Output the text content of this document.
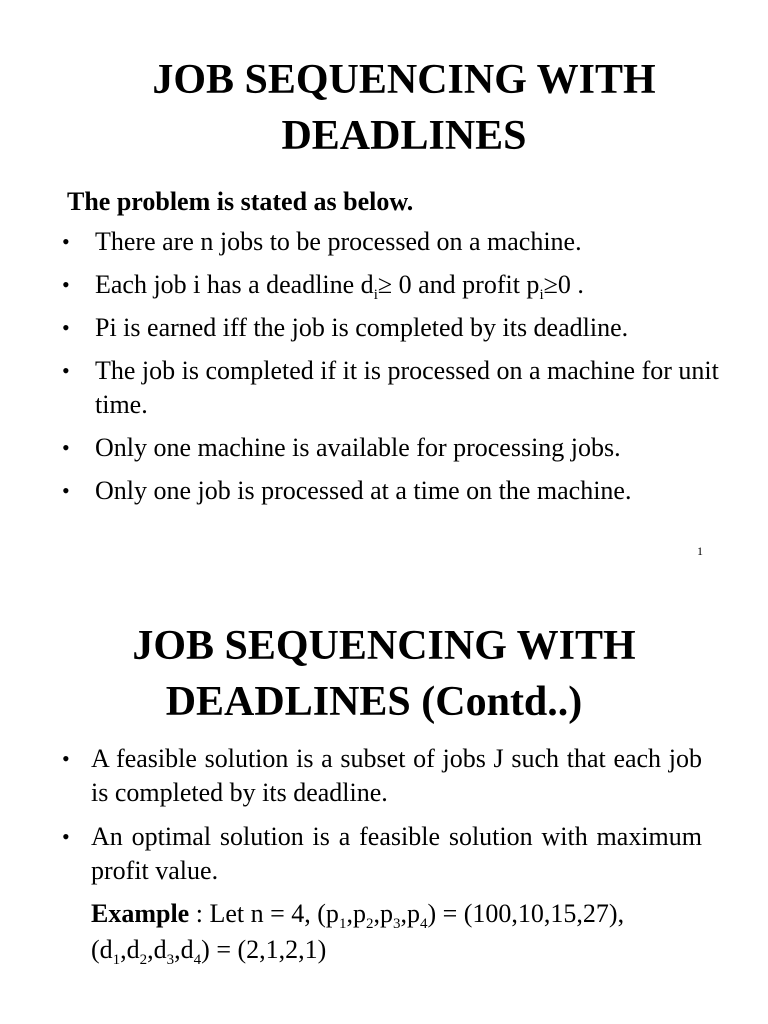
JOB SEQUENCING WITH
DEADLINES

The problem is stated as below.

• There are n jobs to be processed on a machine.
• Each job i has a deadline $d_i\ge 0$ and profit $p_i\ge 0$ .
• Pi is earned iff the job is completed by its deadline.
• The job is completed if it is processed on a machine for unit time.
• Only one machine is available for processing jobs.
• Only one job is processed at a time on the machine.
1
JOB SEQUENCING WITH
DEADLINES (Contd..)
• A feasible solution is a subset of jobs J such that each job is completed by its deadline.
• An optimal solution is a feasible solution with maximum profit value.

Example : Let n = 4, $(p_1,p_2,p_3,p_4) = (100,10,15,27)$,
$(d_1,d_2,d_3,d_4) = (2,1,2,1)$
